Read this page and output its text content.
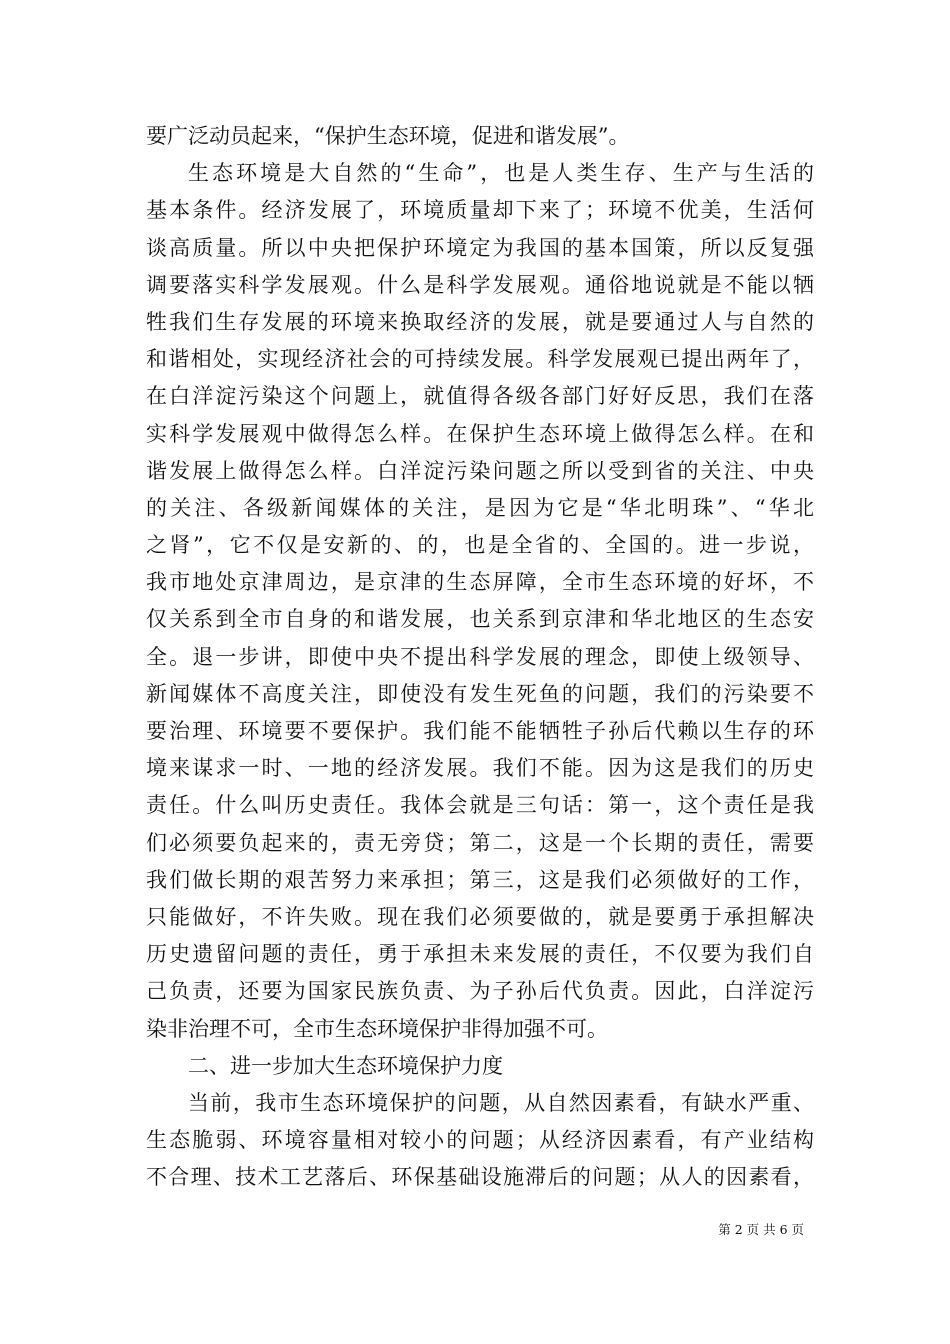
要广泛动员起来，“保护生态环境，促进和谐发展”。
生态环境是大自然的“生命”，也是人类生存、生产与生活的
基本条件。经济发展了，环境质量却下来了；环境不优美，生活何
谈高质量。所以中央把保护环境定为我国的基本国策，所以反复强
调要落实科学发展观。什么是科学发展观。通俗地说就是不能以牺
牲我们生存发展的环境来换取经济的发展，就是要通过人与自然的
和谐相处，实现经济社会的可持续发展。科学发展观已提出两年了，
在白洋淀污染这个问题上，就值得各级各部门好好反思，我们在落
实科学发展观中做得怎么样。在保护生态环境上做得怎么样。在和
谐发展上做得怎么样。白洋淀污染问题之所以受到省的关注、中央
的关注、各级新闻媒体的关注，是因为它是“华北明珠”、“华北
之肾”，它不仅是安新的、的，也是全省的、全国的。进一步说，
我市地处京津周边，是京津的生态屏障，全市生态环境的好坏，不
仅关系到全市自身的和谐发展，也关系到京津和华北地区的生态安
全。退一步讲，即使中央不提出科学发展的理念，即使上级领导、
新闻媒体不高度关注，即使没有发生死鱼的问题，我们的污染要不
要治理、环境要不要保护。我们能不能牺牲子孙后代赖以生存的环
境来谋求一时、一地的经济发展。我们不能。因为这是我们的历史
责任。什么叫历史责任。我体会就是三句话：第一，这个责任是我
们必须要负起来的，责无旁贷；第二，这是一个长期的责任，需要
我们做长期的艰苦努力来承担；第三，这是我们必须做好的工作，
只能做好，不许失败。现在我们必须要做的，就是要勇于承担解决
历史遗留问题的责任，勇于承担未来发展的责任，不仅要为我们自
己负责，还要为国家民族负责、为子孙后代负责。因此，白洋淀污
染非治理不可，全市生态环境保护非得加强不可。
二、进一步加大生态环境保护力度
当前，我市生态环境保护的问题，从自然因素看，有缺水严重、
生态脆弱、环境容量相对较小的问题；从经济因素看，有产业结构
不合理、技术工艺落后、环保基础设施滞后的问题；从人的因素看，
第 2 页 共 6 页
